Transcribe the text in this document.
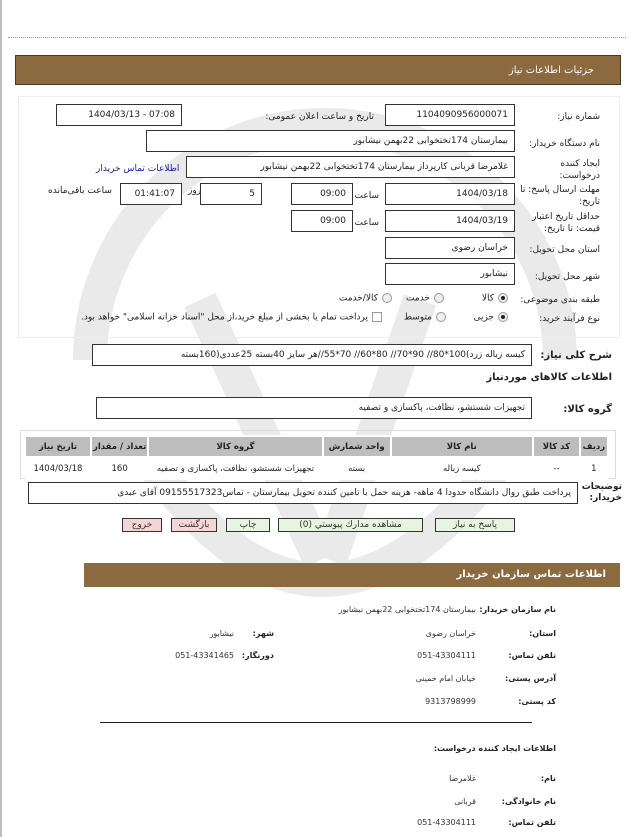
جزئیات اطلاعات نیاز
شماره نیاز:
1104090956000071
تاریخ و ساعت اعلان عمومی:
1404/03/13 - 07:08
نام دستگاه خریدار:
بیمارستان 174تختخوابی 22بهمن نیشابور
ایجاد کننده درخواست:
غلامرضا قربانی کارپرداز بیمارستان 174تختخوابی 22بهمن نیشابور
اطلاعات تماس خریدار
مهلت ارسال پاسخ: تا تاریخ:
1404/03/18
ساعت
09:00
5
روز
01:41:07
ساعت باقی‌مانده
حداقل تاریخ اعتبار قیمت: تا تاریخ:
1404/03/19
ساعت
09:00
استان محل تحویل:
خراسان رضوی
شهر محل تحویل:
نیشابور
طبقه بندی موضوعی:
کالا
خدمت
کالا/خدمت
نوع فرآیند خرید:
جزیی
متوسط
پرداخت تمام یا بخشی از مبلغ خرید،از محل "اسناد خزانه اسلامی" خواهد بود.
شرح کلی نیاز:
کیسه زباله زرد)100*80// 90*70// 80*60// 70*55//هر سایز 40بسته 25عددی(160بسته
اطلاعات کالاهای موردنیاز
گروه کالا:
تجهیزات شستشو، نظافت، پاکسازی و تصفیه
ردیف	کد کالا	نام کالا	واحد شمارش	گروه کالا	تعداد / مقدار	تاریخ نیاز
1	--	کیسه زباله	بسته	تجهیزات شستشو، نظافت، پاکسازی و تصفیه	160	1404/03/18
توضیحات خریدار:
پرداخت طبق روال دانشگاه حدودا 4 ماهه- هزینه حمل با تامین کننده تحویل بیمارستان - تماس09155517323 آقای عبدی
پاسخ به نیاز
مشاهده مدارك پيوستي (0)
چاپ
بازگشت
خروج
اطلاعات تماس سازمان خریدار
نام سازمان خریدار:
بیمارستان 174تختخوابی 22بهمن نیشابور
استان:
خراسان رضوی
شهر:
نیشابور
تلفن تماس:
051-43304111
دورنگار:
051-43341465
آدرس پستی:
خیابان امام خمینی
کد پستی:
9313798999
اطلاعات ایجاد کننده درخواست:
نام:
غلامرضا
نام خانوادگی:
قربانی
تلفن تماس:
051-43304111
